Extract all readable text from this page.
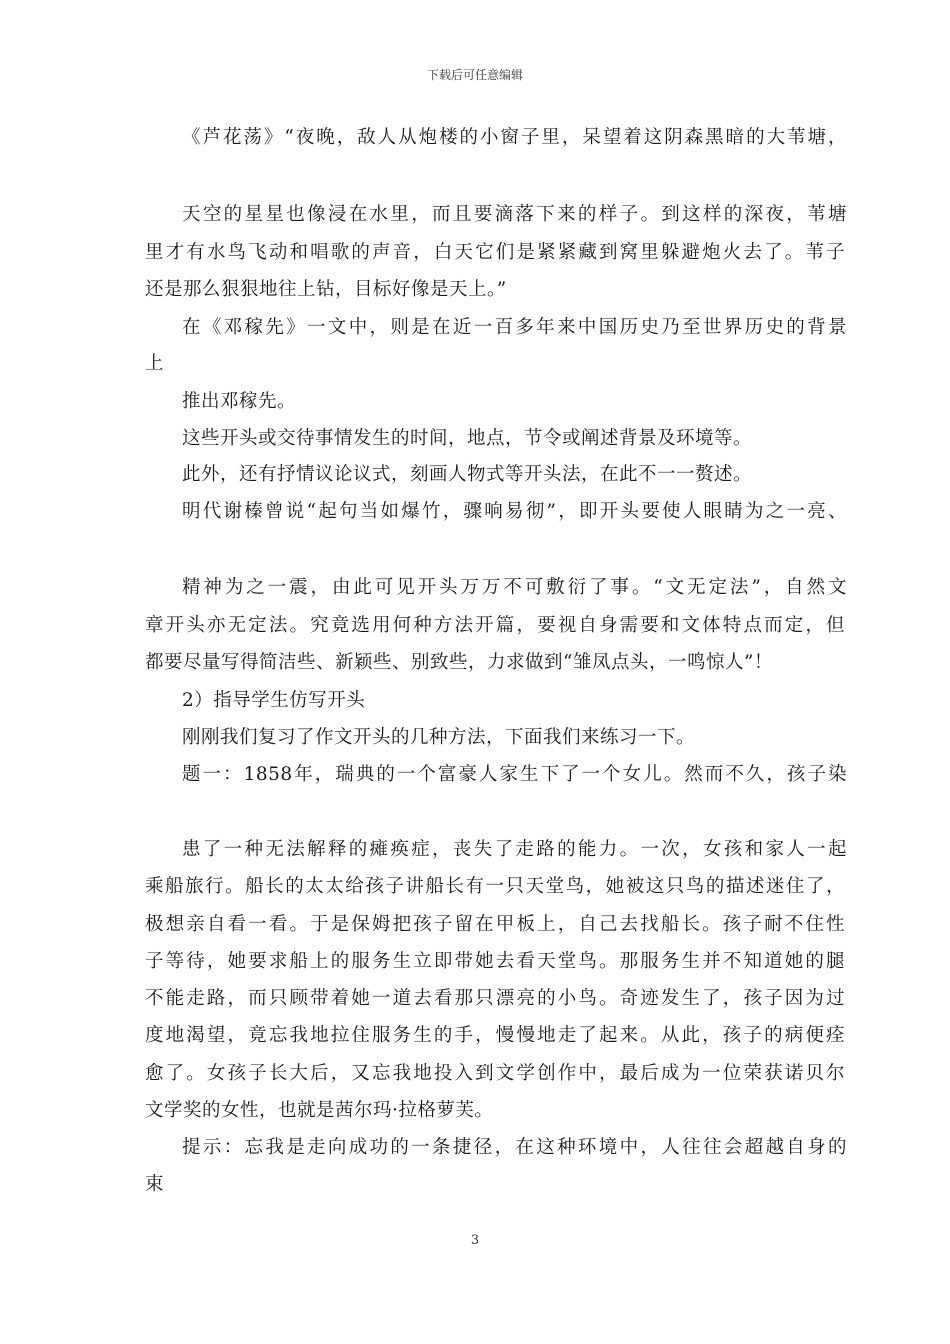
下载后可任意编辑
《芦花荡》“夜晚，敌人从炮楼的小窗子里，呆望着这阴森黑暗的大苇塘，
天空的星星也像浸在水里，而且要滴落下来的样子。到这样的深夜，苇塘
里才有水鸟飞动和唱歌的声音，白天它们是紧紧藏到窝里躲避炮火去了。苇子
还是那么狠狠地往上钻，目标好像是天上。”
在《邓稼先》一文中，则是在近一百多年来中国历史乃至世界历史的背景
上
推出邓稼先。
这些开头或交待事情发生的时间，地点，节令或阐述背景及环境等。
此外，还有抒情议论议式，刻画人物式等开头法，在此不一一赘述。
明代谢榛曾说“起句当如爆竹，骤响易彻”，即开头要使人眼睛为之一亮、
精神为之一震，由此可见开头万万不可敷衍了事。“文无定法”，自然文
章开头亦无定法。究竟选用何种方法开篇，要视自身需要和文体特点而定，但
都要尽量写得简洁些、新颖些、别致些，力求做到“雏凤点头，一鸣惊人”！
2）指导学生仿写开头
刚刚我们复习了作文开头的几种方法，下面我们来练习一下。
题一：1858年，瑞典的一个富豪人家生下了一个女儿。然而不久，孩子染
患了一种无法解释的瘫痪症，丧失了走路的能力。一次，女孩和家人一起
乘船旅行。船长的太太给孩子讲船长有一只天堂鸟，她被这只鸟的描述迷住了，
极想亲自看一看。于是保姆把孩子留在甲板上，自己去找船长。孩子耐不住性
子等待，她要求船上的服务生立即带她去看天堂鸟。那服务生并不知道她的腿
不能走路，而只顾带着她一道去看那只漂亮的小鸟。奇迹发生了，孩子因为过
度地渴望，竟忘我地拉住服务生的手，慢慢地走了起来。从此，孩子的病便痊
愈了。女孩子长大后，又忘我地投入到文学创作中，最后成为一位荣获诺贝尔
文学奖的女性，也就是茜尔玛·拉格萝芙。
提示：忘我是走向成功的一条捷径，在这种环境中，人往往会超越自身的
束
3
